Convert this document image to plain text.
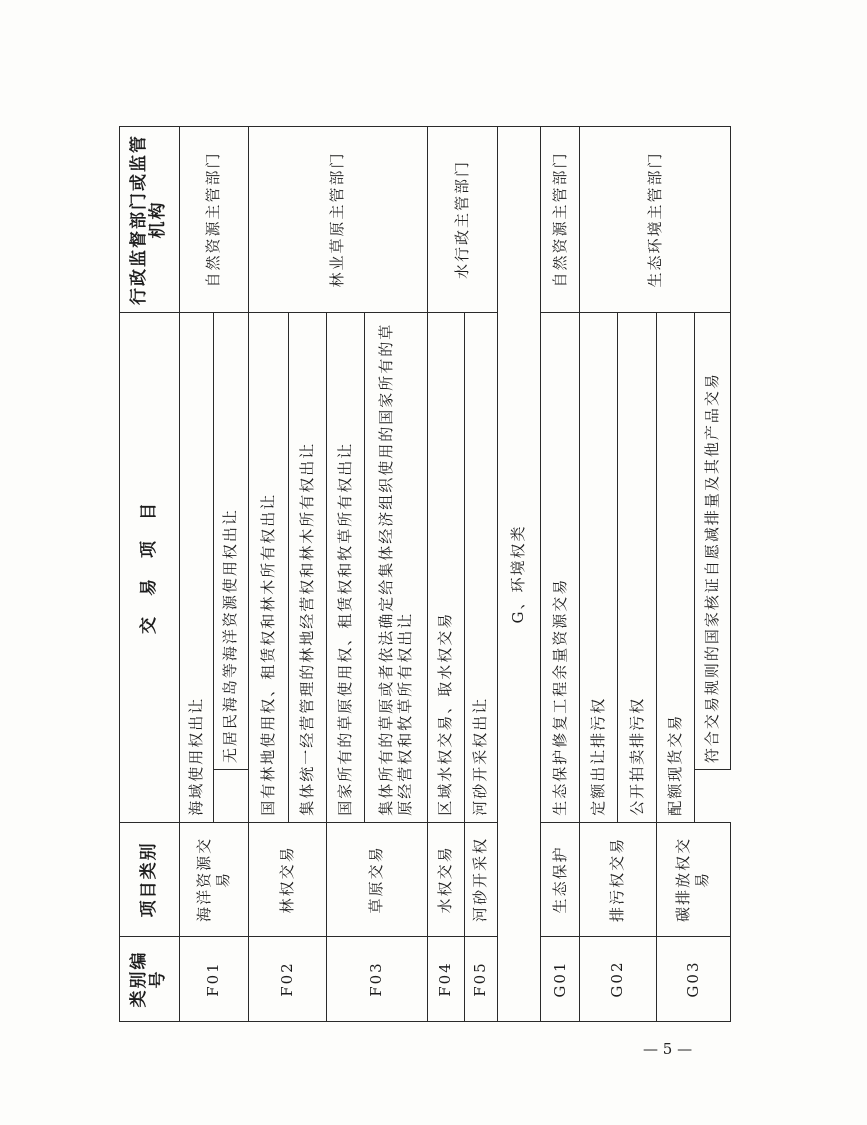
类别编号	项目类别	交　易　项　目		行政监督部门或监管机构
F01	海洋资源交易	海域使用权出让		自然资源主管部门
			无居民海岛等海洋资源使用权出让	
F02	林权交易	国有林地使用权、租赁权和林木所有权出让		林业草原主管部门
		集体统一经营管理的林地经营权和林木所有权出让		
F03	草原交易	国家所有的草原使用权、租赁权和牧草所有权出让		
		集体所有的草原或者依法确定给集体经济组织使用的国家所有的草原经营权和牧草所有权出让		
F04	水权交易	区域水权交易、取水权交易		水行政主管部门
F05	河砂开采权	河砂开采权出让		
G、环境权类				
G01	生态保护	生态保护修复工程余量资源交易		自然资源主管部门
G02	排污权交易	定额出让排污权		生态环境主管部门
		公开拍卖排污权		
G03	碳排放权交易	配额现货交易		
			符合交易规则的国家核证自愿减排量及其他产品交易	
— 5 —
